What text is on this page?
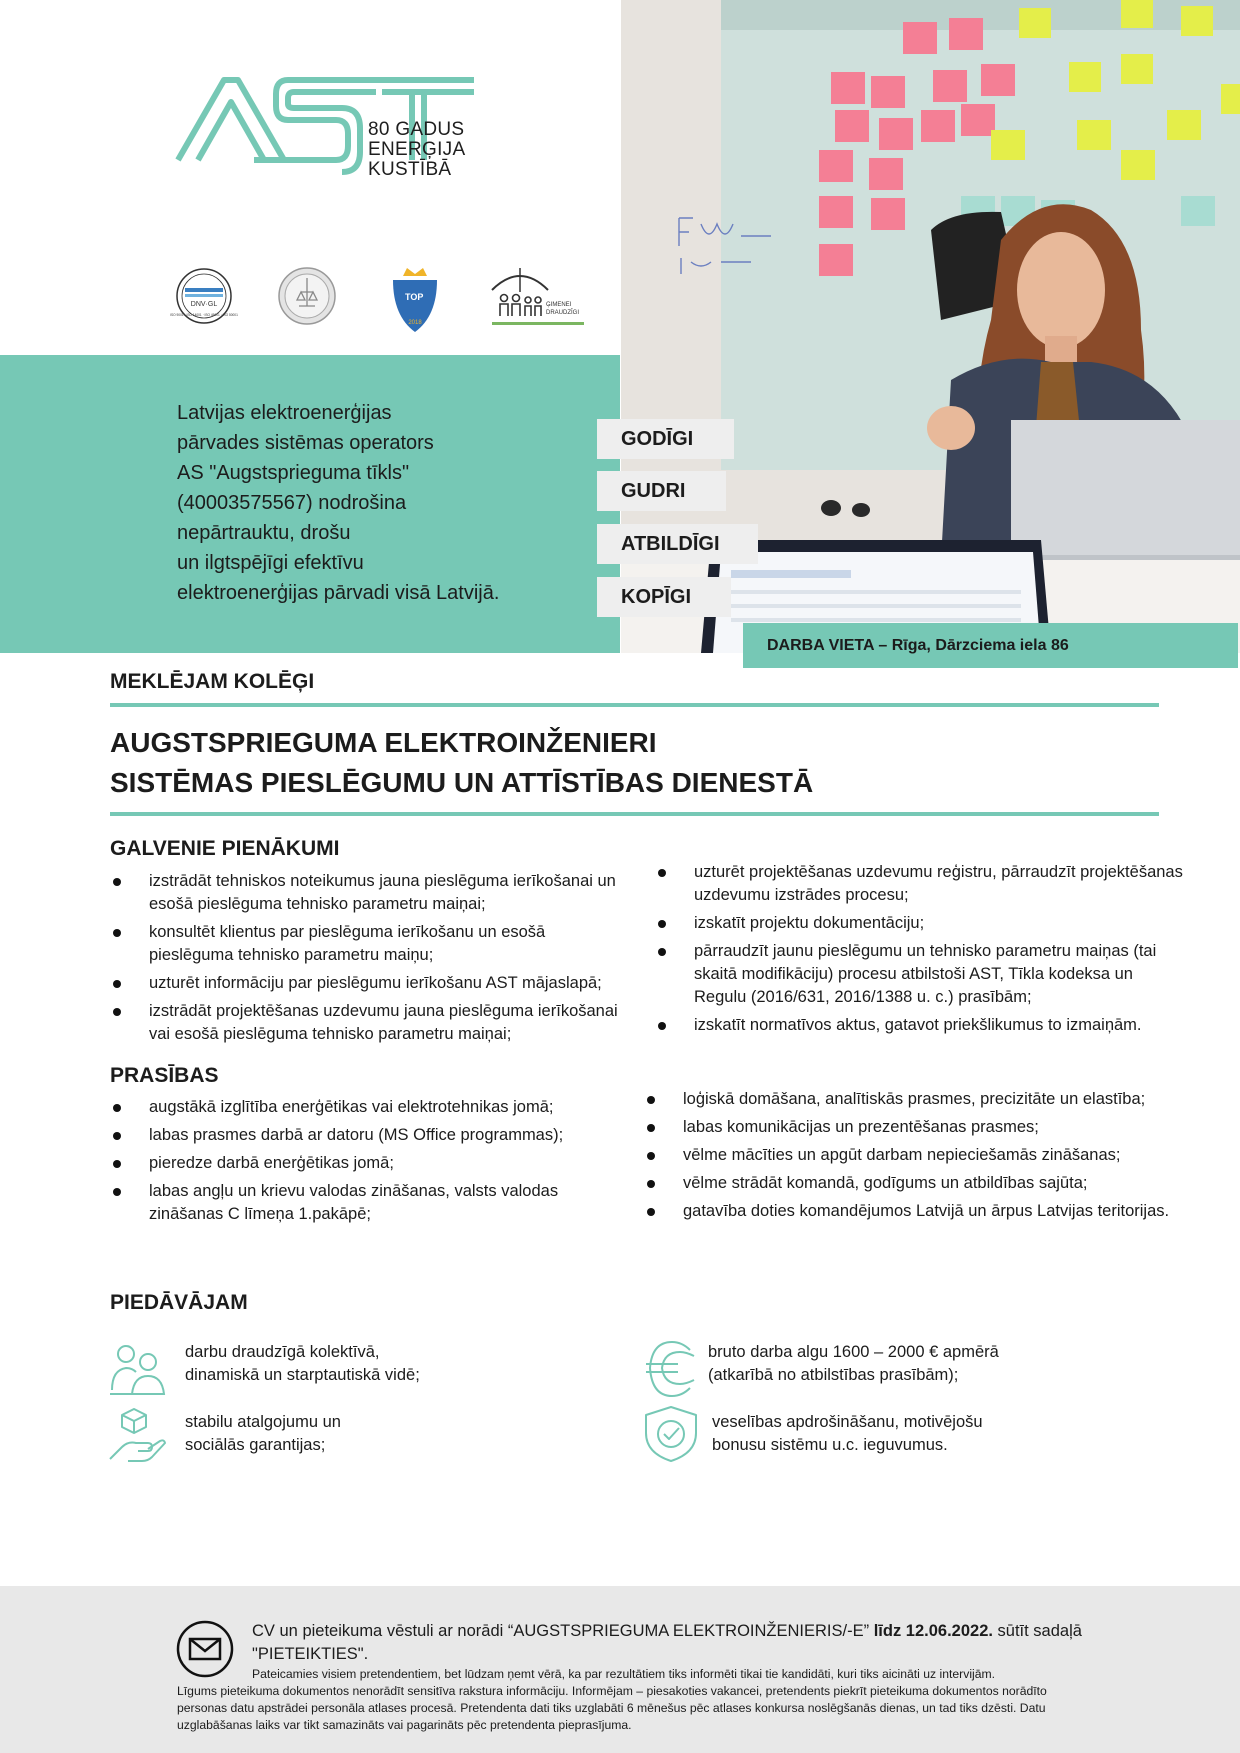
80 GADUS
ENERĢIJA
KUSTĪBĀ
DNV·GL
ISO 9001 · ISO 14001 · ISO 45001 · ISO 50001
TOP
2018
ĢIMENEI
DRAUDZĪGI
Latvijas elektroenerģijas
pārvades sistēmas operators
AS "Augstsprieguma tīkls"
(40003575567) nodrošina
nepārtrauktu, drošu
un ilgtspējīgi efektīvu
elektroenerģijas pārvadi visā Latvijā.
GODĪGI
GUDRI
ATBILDĪGI
KOPĪGI
DARBA VIETA – Rīga, Dārzciema iela 86
MEKLĒJAM KOLĒĢI
AUGSTSPRIEGUMA ELEKTROINŽENIERI
SISTĒMAS PIESLĒGUMU UN ATTĪSTĪBAS DIENESTĀ
GALVENIE PIENĀKUMI
izstrādāt tehniskos noteikumus jauna pieslēguma ierīkošanai un esošā pieslēguma tehnisko parametru maiņai;
konsultēt klientus par pieslēguma ierīkošanu un esošā pieslēguma tehnisko parametru maiņu;
uzturēt informāciju par pieslēgumu ierīkošanu AST mājaslapā;
izstrādāt projektēšanas uzdevumu jauna pieslēguma ierīkošanai vai esošā pieslēguma tehnisko parametru maiņai;
uzturēt projektēšanas uzdevumu reģistru, pārraudzīt projektēšanas uzdevumu izstrādes procesu;
izskatīt projektu dokumentāciju;
pārraudzīt jaunu pieslēgumu un tehnisko parametru maiņas (tai skaitā modifikāciju) procesu atbilstoši AST, Tīkla kodeksa un Regulu (2016/631, 2016/1388 u. c.) prasībām;
izskatīt normatīvos aktus, gatavot priekšlikumus to izmaiņām.
PRASĪBAS
augstākā izglītība enerģētikas vai elektrotehnikas jomā;
labas prasmes darbā ar datoru (MS Office programmas);
pieredze darbā enerģētikas jomā;
labas angļu un krievu valodas zināšanas, valsts valodas zināšanas C līmeņa 1.pakāpē;
loģiskā domāšana, analītiskās prasmes, precizitāte un elastība;
labas komunikācijas un prezentēšanas prasmes;
vēlme mācīties un apgūt darbam nepieciešamās zināšanas;
vēlme strādāt komandā, godīgums un atbildības sajūta;
gatavība doties komandējumos Latvijā un ārpus Latvijas teritorijas.
PIEDĀVĀJAM
darbu draudzīgā kolektīvā,
dinamiskā un starptautiskā vidē;
bruto darba algu 1600 – 2000 € apmērā
(atkarībā no atbilstības prasībām);
stabilu atalgojumu un
sociālās garantijas;
veselības apdrošināšanu, motivējošu
bonusu sistēmu u.c. ieguvumus.
CV un pieteikuma vēstuli ar norādi “AUGSTSPRIEGUMA ELEKTROINŽENIERIS/-E” līdz 12.06.2022. sūtīt sadaļā "PIETEIKTIES".
Pateicamies visiem pretendentiem, bet lūdzam ņemt vērā, ka par rezultātiem tiks informēti tikai tie kandidāti, kuri tiks aicināti uz intervijām.
Līgums pieteikuma dokumentos nenorādīt sensitīva rakstura informāciju. Informējam – piesakoties vakancei, pretendents piekrīt pieteikuma dokumentos norādīto personas datu apstrādei personāla atlases procesā. Pretendenta dati tiks uzglabāti 6 mēnešus pēc atlases konkursa noslēgšanās dienas, un tad tiks dzēsti. Datu uzglabāšanas laiks var tikt samazināts vai pagarināts pēc pretendenta pieprasījuma.
